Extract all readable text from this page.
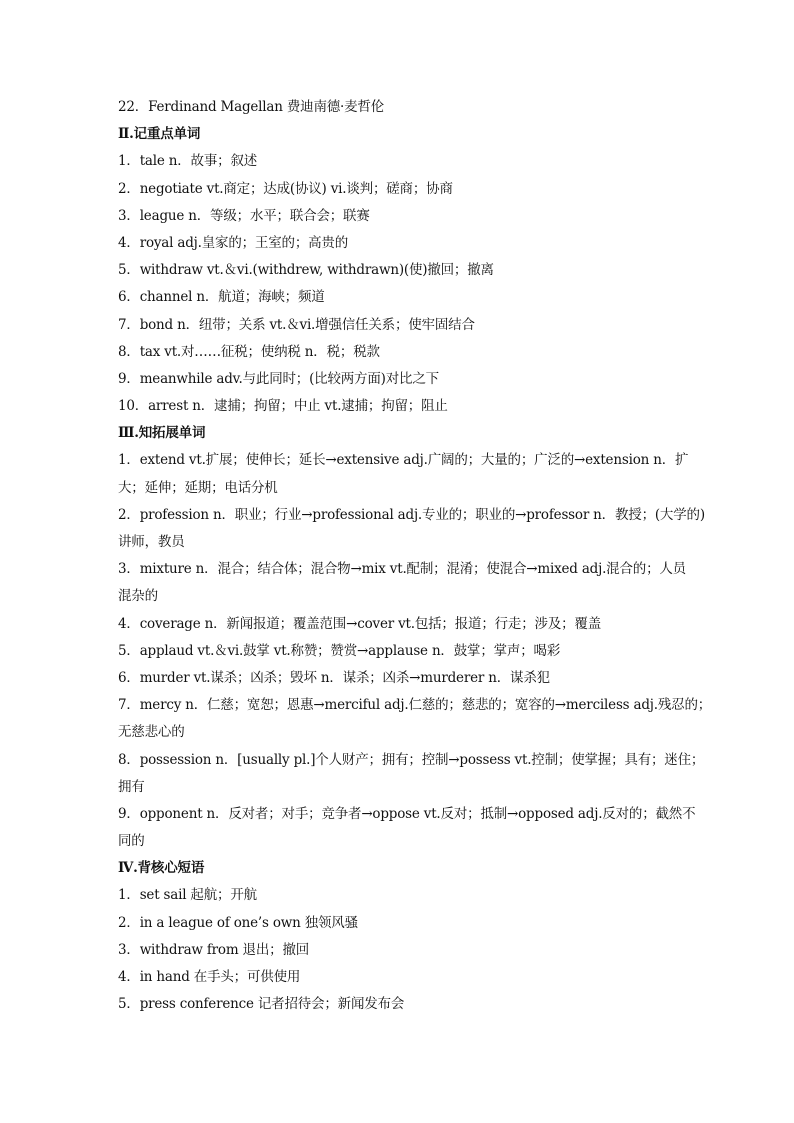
22．Ferdinand Magellan 费迪南德·麦哲伦
Ⅱ.记重点单词
1．tale n．故事；叙述
2．negotiate vt.商定；达成(协议) vi.谈判；磋商；协商
3．league n．等级；水平；联合会；联赛
4．royal adj.皇家的；王室的；高贵的
5．withdraw vt.＆vi.(withdrew, withdrawn)(使)撤回；撤离
6．channel n．航道；海峡；频道
7．bond n．纽带；关系 vt.＆vi.增强信任关系；使牢固结合
8．tax vt.对……征税；使纳税 n．税；税款
9．meanwhile adv.与此同时；(比较两方面)对比之下
10．arrest n．逮捕；拘留；中止 vt.逮捕；拘留；阻止
Ⅲ.知拓展单词
1．extend vt.扩展；使伸长；延长→extensive adj.广阔的；大量的；广泛的→extension n．扩
大；延伸；延期；电话分机
2．profession n．职业；行业→professional adj.专业的；职业的→professor n．教授；(大学的)
讲师，教员
3．mixture n．混合；结合体；混合物→mix vt.配制；混淆；使混合→mixed adj.混合的；人员
混杂的
4．coverage n．新闻报道；覆盖范围→cover vt.包括；报道；行走；涉及；覆盖
5．applaud vt.＆vi.鼓掌 vt.称赞；赞赏→applause n．鼓掌；掌声；喝彩
6．murder vt.谋杀；凶杀；毁坏 n．谋杀；凶杀→murderer n．谋杀犯
7．mercy n．仁慈；宽恕；恩惠→merciful adj.仁慈的；慈悲的；宽容的→merciless adj.残忍的；
无慈悲心的
8．possession n．[usually pl.]个人财产；拥有；控制→possess vt.控制；使掌握；具有；迷住；
拥有
9．opponent n．反对者；对手；竞争者→oppose vt.反对；抵制→opposed adj.反对的；截然不
同的
Ⅳ.背核心短语
1．set sail 起航；开航
2．in a league of one’s own 独领风骚
3．withdraw from 退出；撤回
4．in hand 在手头；可供使用
5．press conference 记者招待会；新闻发布会
